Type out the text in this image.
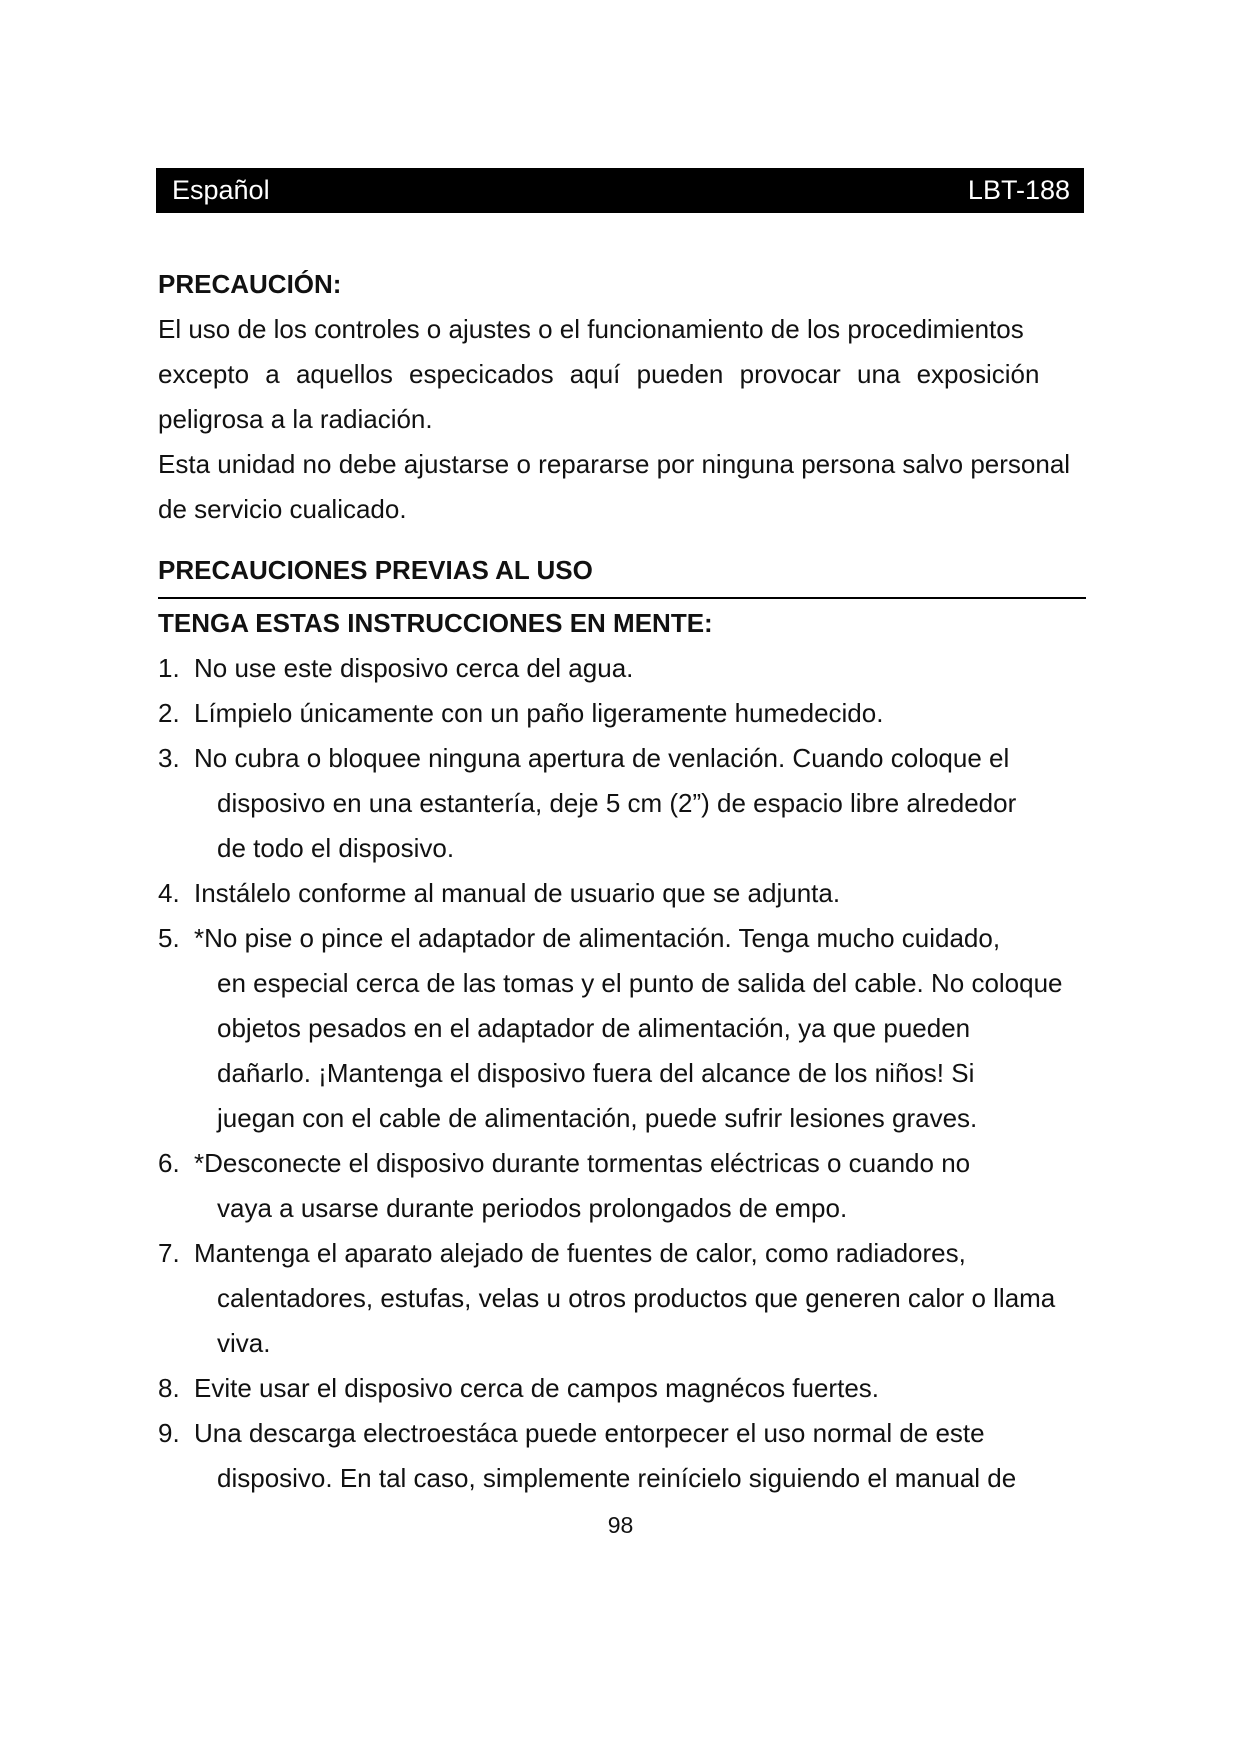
Español	LBT-188
PRECAUCIÓN:

El uso de los controles o ajustes o el funcionamiento de los procedimientos

excepto a aquellos especicados aquí pueden provocar una exposición

peligrosa a la radiación.

Esta unidad no debe ajustarse o repararse por ninguna persona salvo personal

de servicio cualicado.

PRECAUCIONES PREVIAS AL USO
TENGA ESTAS INSTRUCCIONES EN MENTE:
1. No use este disposivo cerca del agua.
2. Límpielo únicamente con un paño ligeramente humedecido.
3. No cubra o bloquee ninguna apertura de venlación. Cuando coloque el
disposivo en una estantería, deje 5 cm (2”) de espacio libre alrededor
de todo el disposivo.
4. Instálelo conforme al manual de usuario que se adjunta.
5. *No pise o pince el adaptador de alimentación. Tenga mucho cuidado,
en especial cerca de las tomas y el punto de salida del cable. No coloque
objetos pesados en el adaptador de alimentación, ya que pueden
dañarlo. ¡Mantenga el disposivo fuera del alcance de los niños! Si
juegan con el cable de alimentación, puede sufrir lesiones graves.
6. *Desconecte el disposivo durante tormentas eléctricas o cuando no
vaya a usarse durante periodos prolongados de empo.
7. Mantenga el aparato alejado de fuentes de calor, como radiadores,
calentadores, estufas, velas u otros productos que generen calor o llama
viva.
8. Evite usar el disposivo cerca de campos magnécos fuertes.
9. Una descarga electroestáca puede entorpecer el uso normal de este
disposivo. En tal caso, simplemente reinícielo siguiendo el manual de
98
